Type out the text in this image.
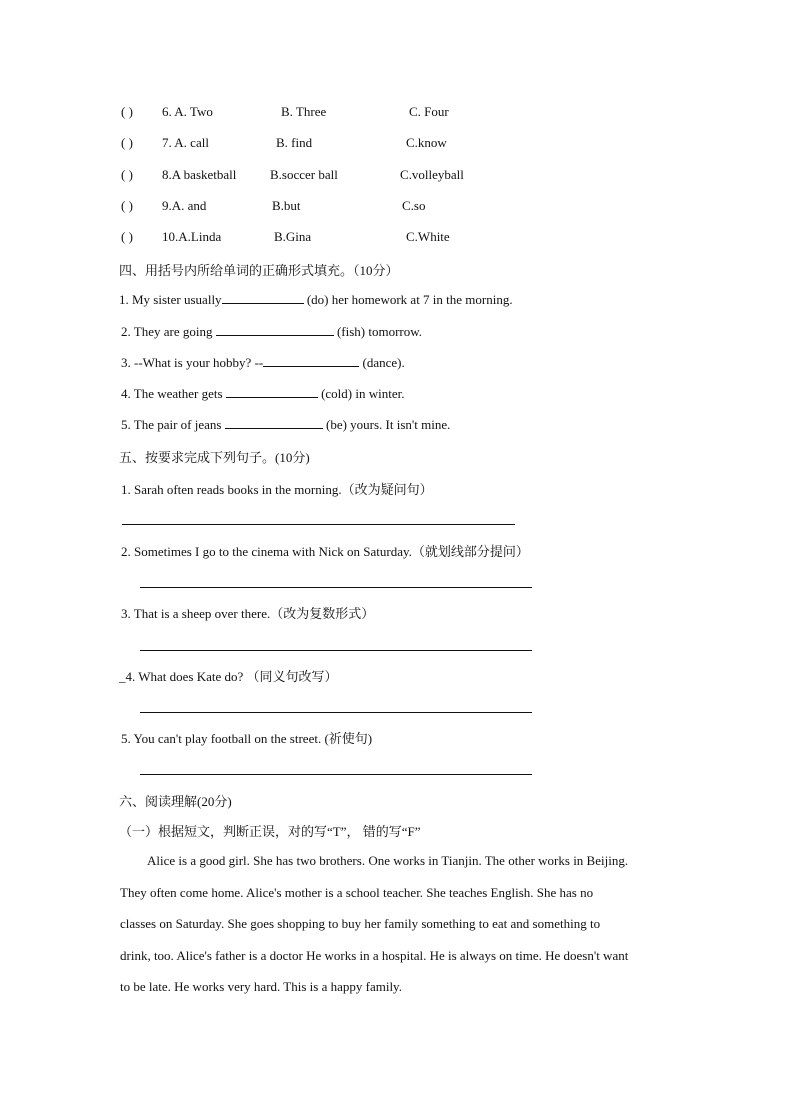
( ) 6. A. Two	B. Three	C. Four
( ) 7. A. call	B. find	C.know
( ) 8.A basketball	B.soccer ball	C.volleyball
( ) 9.A. and	B.but	C.so
( ) 10.A.Linda	B.Gina	C.White
四、用括号内所给单词的正确形式填充。（10分）
1. My sister usually	(do) her homework at 7 in the morning.
2. They are going	(fish) tomorrow.
3. --What is your hobby? --	(dance).
4. The weather gets	(cold) in winter.
5. The pair of jeans	(be) yours. It isn't mine.
五、按要求完成下列句子。(10分)
1. Sarah often reads books in the morning.（改为疑问句）
2. Sometimes I go to the cinema with Nick on Saturday.（就划线部分提问）
3. That is a sheep over there.（改为复数形式）
_4. What does Kate do? （同义句改写）
5. You can't play football on the street. (祈使句)
六、阅读理解(20分)
（一）根据短文，判断正误，对的写“T”， 错的写“F”

Alice is a good girl. She has two brothers. One works in Tianjin. The other works in Beijing.

They often come home. Alice's mother is a school teacher. She teaches English. She has no

classes on Saturday. She goes shopping to buy her family something to eat and something to

drink, too. Alice's father is a doctor He works in a hospital. He is always on time. He doesn't want

to be late. He works very hard. This is a happy family.
